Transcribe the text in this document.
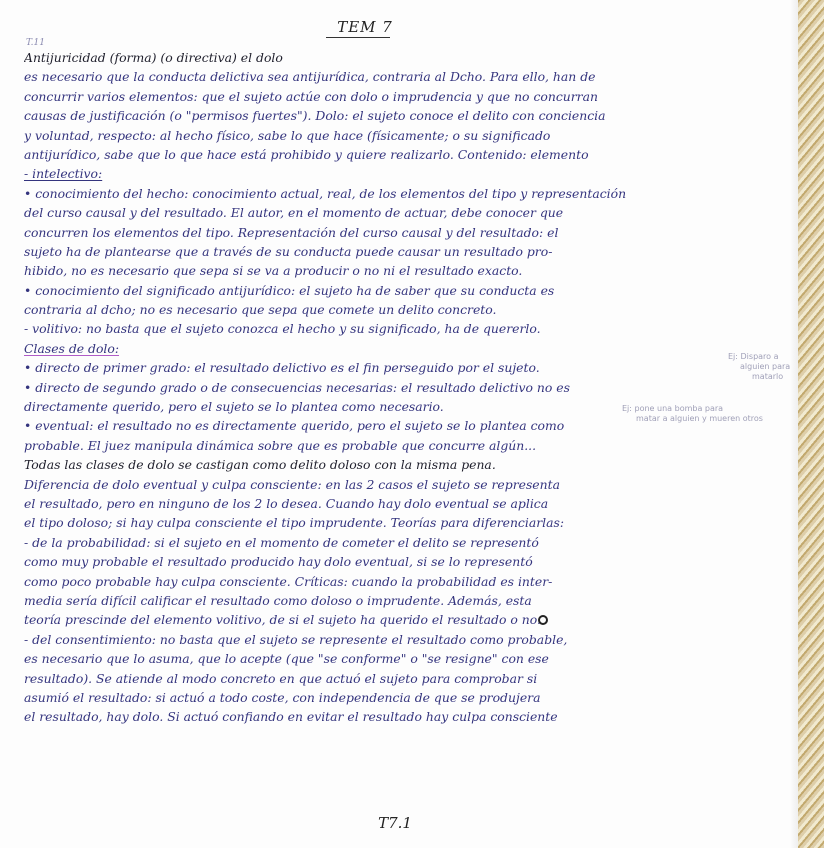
TEM 7
T.11
Antijuricidad (forma) (o directiva) el dolo
es necesario que la conducta delictiva sea antijurídica, contraria al Dcho. Para ello, han de
concurrir varios elementos: que el sujeto actúe con dolo o imprudencia y que no concurran
causas de justificación (o "permisos fuertes"). Dolo: el sujeto conoce el delito con conciencia
y voluntad, respecto: al hecho físico, sabe lo que hace (físicamente; o su significado
antijurídico, sabe que lo que hace está prohibido y quiere realizarlo. Contenido: elemento
- intelectivo:
• conocimiento del hecho: conocimiento actual, real, de los elementos del tipo y representación
del curso causal y del resultado. El autor, en el momento de actuar, debe conocer que
concurren los elementos del tipo. Representación del curso causal y del resultado: el
sujeto ha de plantearse que a través de su conducta puede causar un resultado pro-
hibido, no es necesario que sepa si se va a producir o no ni el resultado exacto.
• conocimiento del significado antijurídico: el sujeto ha de saber que su conducta es
contraria al dcho; no es necesario que sepa que comete un delito concreto.
- volitivo: no basta que el sujeto conozca el hecho y su significado, ha de quererlo.
Clases de dolo:
• directo de primer grado: el resultado delictivo es el fin perseguido por el sujeto.
• directo de segundo grado o de consecuencias necesarias: el resultado delictivo no es
directamente querido, pero el sujeto se lo plantea como necesario.
• eventual: el resultado no es directamente querido, pero el sujeto se lo plantea como
probable. El juez manipula dinámica sobre que es probable que concurre algún...
Todas las clases de dolo se castigan como delito doloso con la misma pena.
Diferencia de dolo eventual y culpa consciente: en las 2 casos el sujeto se representa
el resultado, pero en ninguno de los 2 lo desea. Cuando hay dolo eventual se aplica
el tipo doloso; si hay culpa consciente el tipo imprudente. Teorías para diferenciarlas:
- de la probabilidad: si el sujeto en el momento de cometer el delito se representó
como muy probable el resultado producido hay dolo eventual, si se lo representó
como poco probable hay culpa consciente. Críticas: cuando la probabilidad es inter-
media sería difícil calificar el resultado como doloso o imprudente. Además, esta
teoría prescinde del elemento volitivo, de si el sujeto ha querido el resultado o no.
- del consentimiento: no basta que el sujeto se represente el resultado como probable,
es necesario que lo asuma, que lo acepte (que "se conforme" o "se resigne" con ese
resultado). Se atiende al modo concreto en que actuó el sujeto para comprobar si
asumió el resultado: si actuó a todo coste, con independencia de que se produjera
el resultado, hay dolo. Si actuó confiando en evitar el resultado hay culpa consciente
Ej: Disparo a
alguien para
matarlo
Ej: pone una bomba para
matar a alguien y mueren otros
T7.1
